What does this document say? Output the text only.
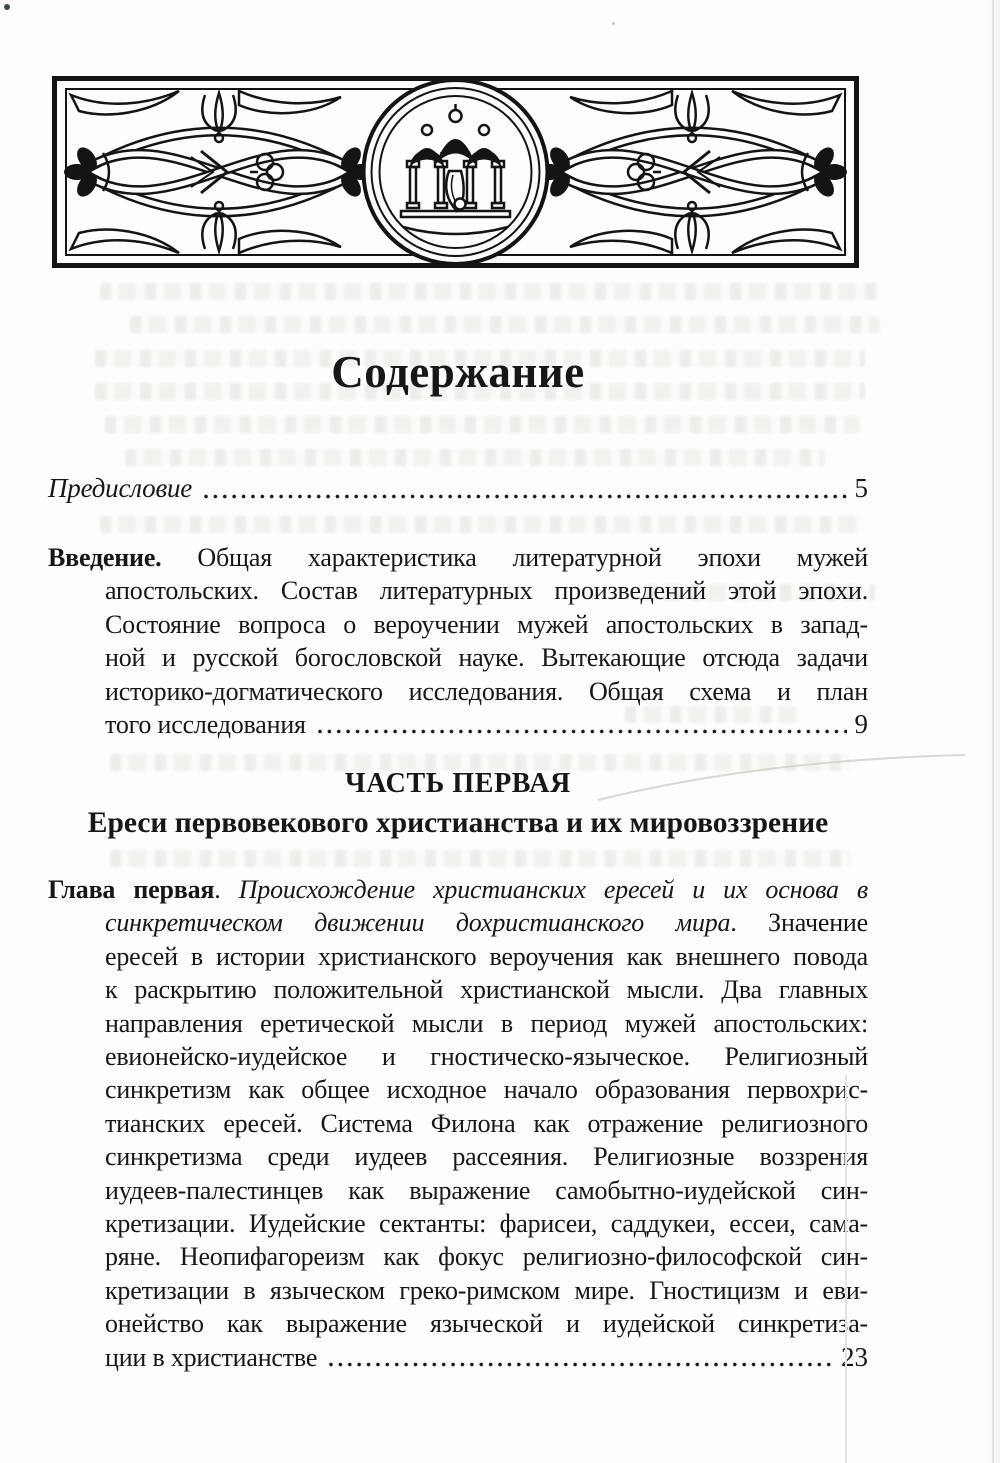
Содержание
Предисловие	5
Введение. Общая характеристика литературной эпохи мужей
апостольских. Состав литературных произведений этой эпохи.
Состояние вопроса о вероучении мужей апостольских в запад-
ной и русской богословской науке. Вытекающие отсюда задачи
историко-догматического исследования. Общая схема и план
того исследования	9
ЧАСТЬ ПЕРВАЯ
Ереси первовекового христианства и их мировоззрение
Глава первая. Происхождение христианских ересей и их основа в
синкретическом движении дохристианского мира. Значение
ересей в истории христианского вероучения как внешнего повода
к раскрытию положительной христианской мысли. Два главных
направления еретической мысли в период мужей апостольских:
евионейско-иудейское и гностическо-языческое. Религиозный
синкретизм как общее исходное начало образования первохрис-
тианских ересей. Система Филона как отражение религиозного
синкретизма среди иудеев рассеяния. Религиозные воззрения
иудеев-палестинцев как выражение самобытно-иудейской син-
кретизации. Иудейские сектанты: фарисеи, саддукеи, ессеи, сама-
ряне. Неопифагореизм как фокус религиозно-философской син-
кретизации в языческом греко-римском мире. Гностицизм и еви-
онейство как выражение языческой и иудейской синкретиза-
ции в христианстве	23
